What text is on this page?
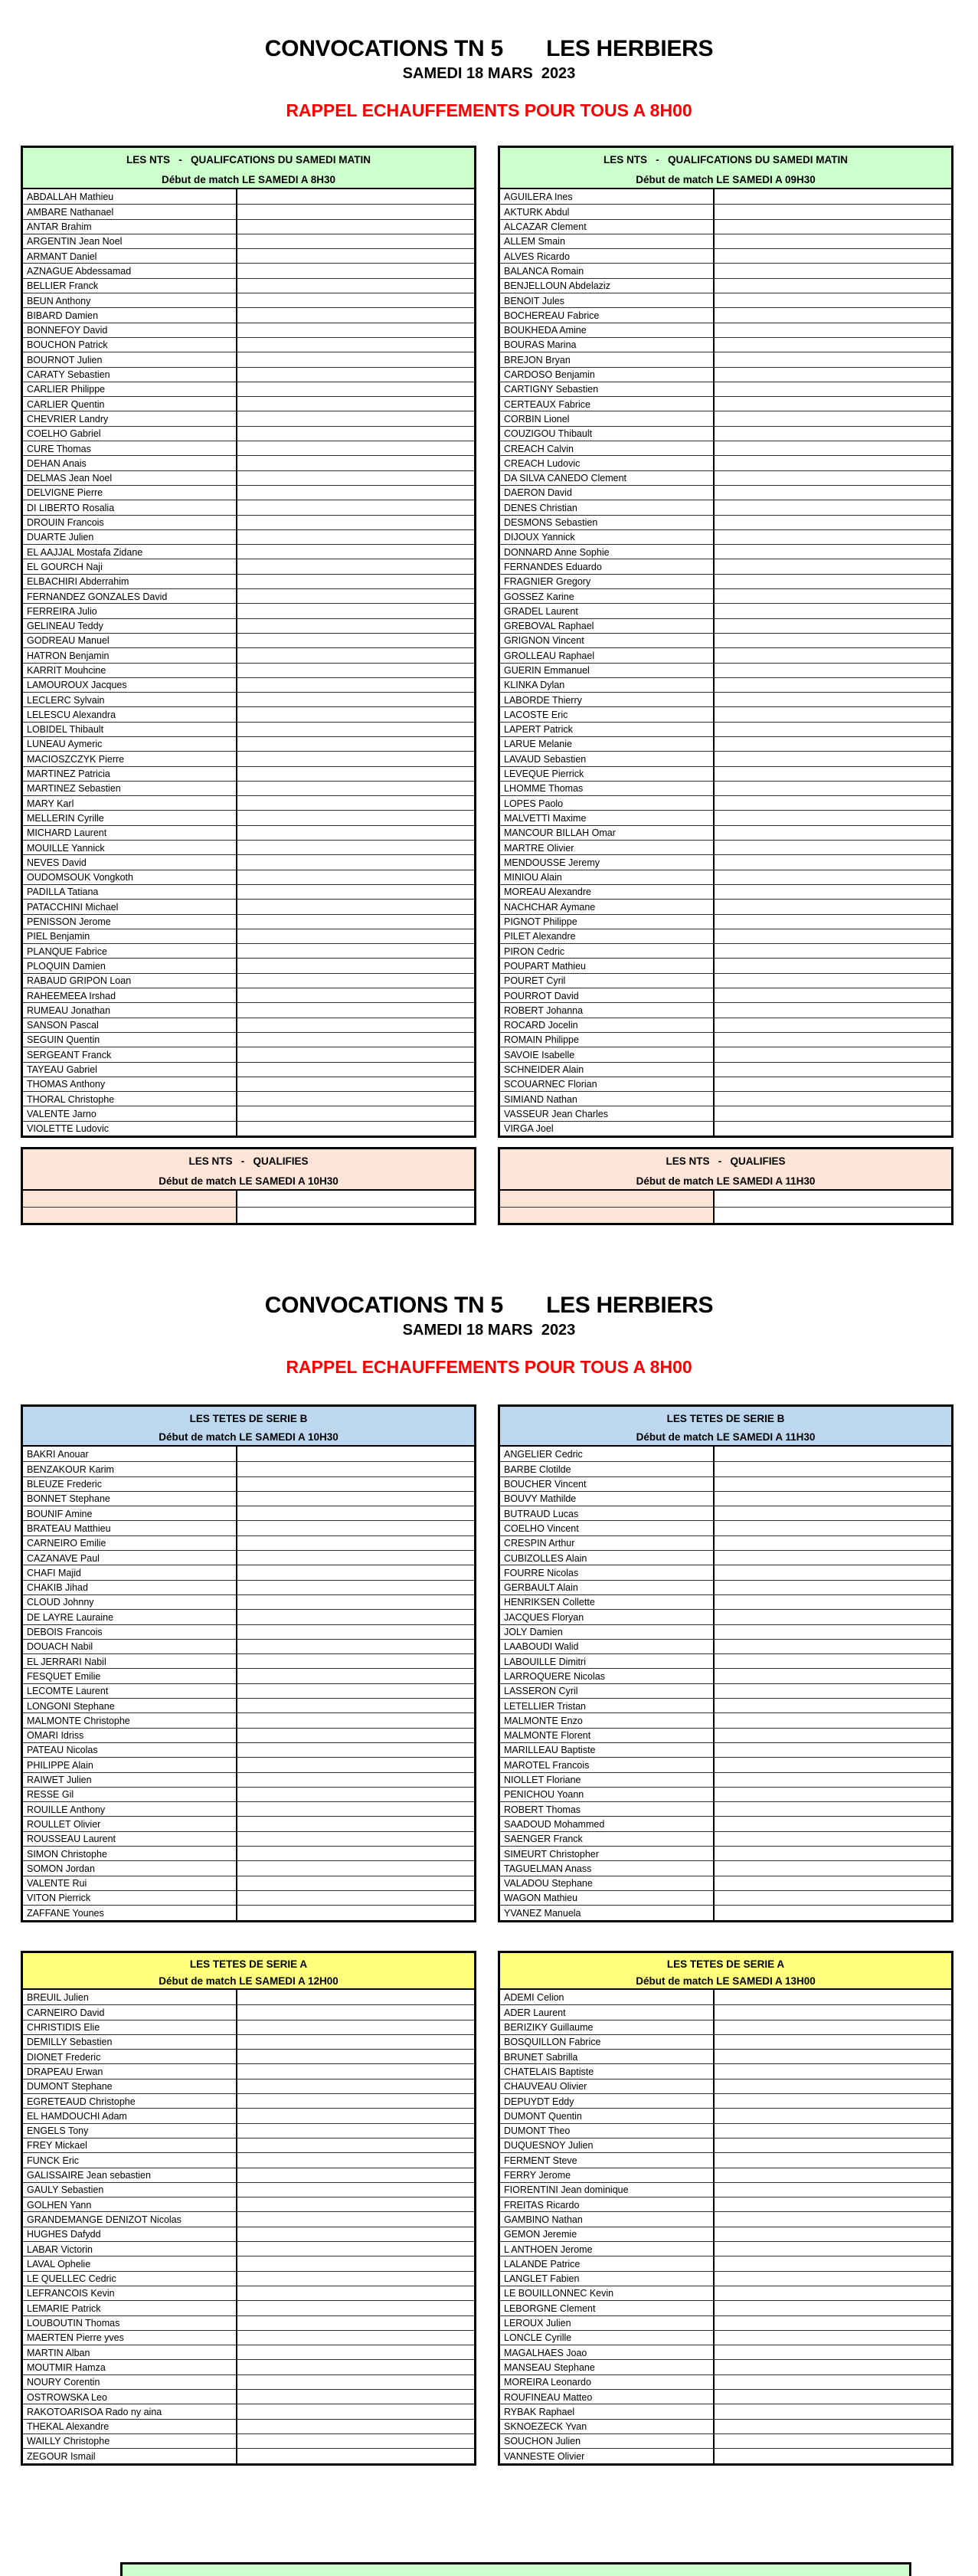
CONVOCATIONS TN 5       LES HERBIERS
SAMEDI 18 MARS  2023
RAPPEL ECHAUFFEMENTS POUR TOUS A 8H00
LES NTS   -   QUALIFCATIONS DU SAMEDI MATIN
Début de match LE SAMEDI A 8H30
ABDALLAH Mathieu
AMBARE Nathanael
ANTAR Brahim
ARGENTIN Jean Noel
ARMANT Daniel
AZNAGUE Abdessamad
BELLIER Franck
BEUN Anthony
BIBARD Damien
BONNEFOY David
BOUCHON Patrick
BOURNOT Julien
CARATY Sebastien
CARLIER Philippe
CARLIER Quentin
CHEVRIER Landry
COELHO Gabriel
CURE Thomas
DEHAN Anais
DELMAS Jean Noel
DELVIGNE Pierre
DI LIBERTO Rosalia
DROUIN Francois
DUARTE Julien
EL AAJJAL Mostafa Zidane
EL GOURCH Naji
ELBACHIRI Abderrahim
FERNANDEZ GONZALES David
FERREIRA Julio
GELINEAU Teddy
GODREAU Manuel
HATRON Benjamin
KARRIT Mouhcine
LAMOUROUX Jacques
LECLERC Sylvain
LELESCU Alexandra
LOBIDEL Thibault
LUNEAU Aymeric
MACIOSZCZYK Pierre
MARTINEZ Patricia
MARTINEZ Sebastien
MARY Karl
MELLERIN Cyrille
MICHARD Laurent
MOUILLE Yannick
NEVES David
OUDOMSOUK Vongkoth
PADILLA Tatiana
PATACCHINI Michael
PENISSON Jerome
PIEL Benjamin
PLANQUE Fabrice
PLOQUIN Damien
RABAUD GRIPON Loan
RAHEEMEEA Irshad
RUMEAU Jonathan
SANSON Pascal
SEGUIN Quentin
SERGEANT Franck
TAYEAU Gabriel
THOMAS Anthony
THORAL Christophe
VALENTE Jarno
VIOLETTE Ludovic
LES NTS   -   QUALIFCATIONS DU SAMEDI MATIN
Début de match LE SAMEDI A 09H30
AGUILERA Ines
AKTURK Abdul
ALCAZAR Clement
ALLEM Smain
ALVES Ricardo
BALANCA Romain
BENJELLOUN Abdelaziz
BENOIT Jules
BOCHEREAU Fabrice
BOUKHEDA Amine
BOURAS Marina
BREJON Bryan
CARDOSO Benjamin
CARTIGNY Sebastien
CERTEAUX Fabrice
CORBIN Lionel
COUZIGOU Thibault
CREACH Calvin
CREACH Ludovic
DA SILVA CANEDO Clement
DAERON David
DENES Christian
DESMONS Sebastien
DIJOUX Yannick
DONNARD Anne Sophie
FERNANDES Eduardo
FRAGNIER Gregory
GOSSEZ Karine
GRADEL Laurent
GREBOVAL Raphael
GRIGNON Vincent
GROLLEAU Raphael
GUERIN Emmanuel
KLINKA Dylan
LABORDE Thierry
LACOSTE Eric
LAPERT Patrick
LARUE Melanie
LAVAUD Sebastien
LEVEQUE Pierrick
LHOMME Thomas
LOPES Paolo
MALVETTI Maxime
MANCOUR BILLAH Omar
MARTRE Olivier
MENDOUSSE Jeremy
MINIOU Alain
MOREAU Alexandre
NACHCHAR Aymane
PIGNOT Philippe
PILET Alexandre
PIRON Cedric
POUPART Mathieu
POURET Cyril
POURROT David
ROBERT Johanna
ROCARD Jocelin
ROMAIN Philippe
SAVOIE Isabelle
SCHNEIDER Alain
SCOUARNEC Florian
SIMIAND Nathan
VASSEUR Jean Charles
VIRGA Joel
LES NTS   -   QUALIFIES
Début de match LE SAMEDI A 10H30
LES NTS   -   QUALIFIES
Début de match LE SAMEDI A 11H30
CONVOCATIONS TN 5       LES HERBIERS
SAMEDI 18 MARS  2023
RAPPEL ECHAUFFEMENTS POUR TOUS A 8H00
LES TETES DE SERIE B
Début de match LE SAMEDI A 10H30
BAKRI Anouar
BENZAKOUR Karim
BLEUZE Frederic
BONNET Stephane
BOUNIF Amine
BRATEAU Matthieu
CARNEIRO Emilie
CAZANAVE Paul
CHAFI Majid
CHAKIB Jihad
CLOUD Johnny
DE LAYRE Lauraine
DEBOIS Francois
DOUACH Nabil
EL JERRARI Nabil
FESQUET Emilie
LECOMTE Laurent
LONGONI Stephane
MALMONTE Christophe
OMARI Idriss
PATEAU Nicolas
PHILIPPE Alain
RAIWET Julien
RESSE Gil
ROUILLE Anthony
ROULLET Olivier
ROUSSEAU Laurent
SIMON Christophe
SOMON Jordan
VALENTE Rui
VITON Pierrick
ZAFFANE Younes
LES TETES DE SERIE B
Début de match LE SAMEDI A 11H30
ANGELIER Cedric
BARBE Clotilde
BOUCHER Vincent
BOUVY Mathilde
BUTRAUD Lucas
COELHO Vincent
CRESPIN Arthur
CUBIZOLLES Alain
FOURRE Nicolas
GERBAULT Alain
HENRIKSEN Collette
JACQUES Floryan
JOLY Damien
LAABOUDI Walid
LABOUILLE Dimitri
LARROQUERE Nicolas
LASSERON Cyril
LETELLIER Tristan
MALMONTE Enzo
MALMONTE Florent
MARILLEAU Baptiste
MAROTEL Francois
NIOLLET Floriane
PENICHOU Yoann
ROBERT Thomas
SAADOUD Mohammed
SAENGER Franck
SIMEURT Christopher
TAGUELMAN Anass
VALADOU Stephane
WAGON Mathieu
YVANEZ Manuela
LES TETES DE SERIE A
Début de match LE SAMEDI A 12H00
BREUIL Julien
CARNEIRO David
CHRISTIDIS Elie
DEMILLY Sebastien
DIONET Frederic
DRAPEAU Erwan
DUMONT Stephane
EGRETEAUD Christophe
EL HAMDOUCHI Adam
ENGELS Tony
FREY Mickael
FUNCK Eric
GALISSAIRE Jean sebastien
GAULY Sebastien
GOLHEN Yann
GRANDEMANGE DENIZOT Nicolas
HUGHES Dafydd
LABAR Victorin
LAVAL Ophelie
LE QUELLEC Cedric
LEFRANCOIS Kevin
LEMARIE Patrick
LOUBOUTIN Thomas
MAERTEN Pierre yves
MARTIN Alban
MOUTMIR Hamza
NOURY Corentin
OSTROWSKA Leo
RAKOTOARISOA Rado ny aina
THEKAL Alexandre
WAILLY Christophe
ZEGOUR Ismail
LES TETES DE SERIE A
Début de match LE SAMEDI A 13H00
ADEMI Celion
ADER Laurent
BERIZIKY Guillaume
BOSQUILLON Fabrice
BRUNET Sabrilla
CHATELAIS Baptiste
CHAUVEAU Olivier
DEPUYDT Eddy
DUMONT Quentin
DUMONT Theo
DUQUESNOY Julien
FERMENT Steve
FERRY Jerome
FIORENTINI Jean dominique
FREITAS Ricardo
GAMBINO Nathan
GEMON Jeremie
L ANTHOEN Jerome
LALANDE Patrice
LANGLET Fabien
LE BOUILLONNEC Kevin
LEBORGNE Clement
LEROUX Julien
LONCLE Cyrille
MAGALHAES Joao
MANSEAU Stephane
MOREIRA Leonardo
ROUFINEAU Matteo
RYBAK Raphael
SKNOEZECK Yvan
SOUCHON Julien
VANNESTE Olivier
